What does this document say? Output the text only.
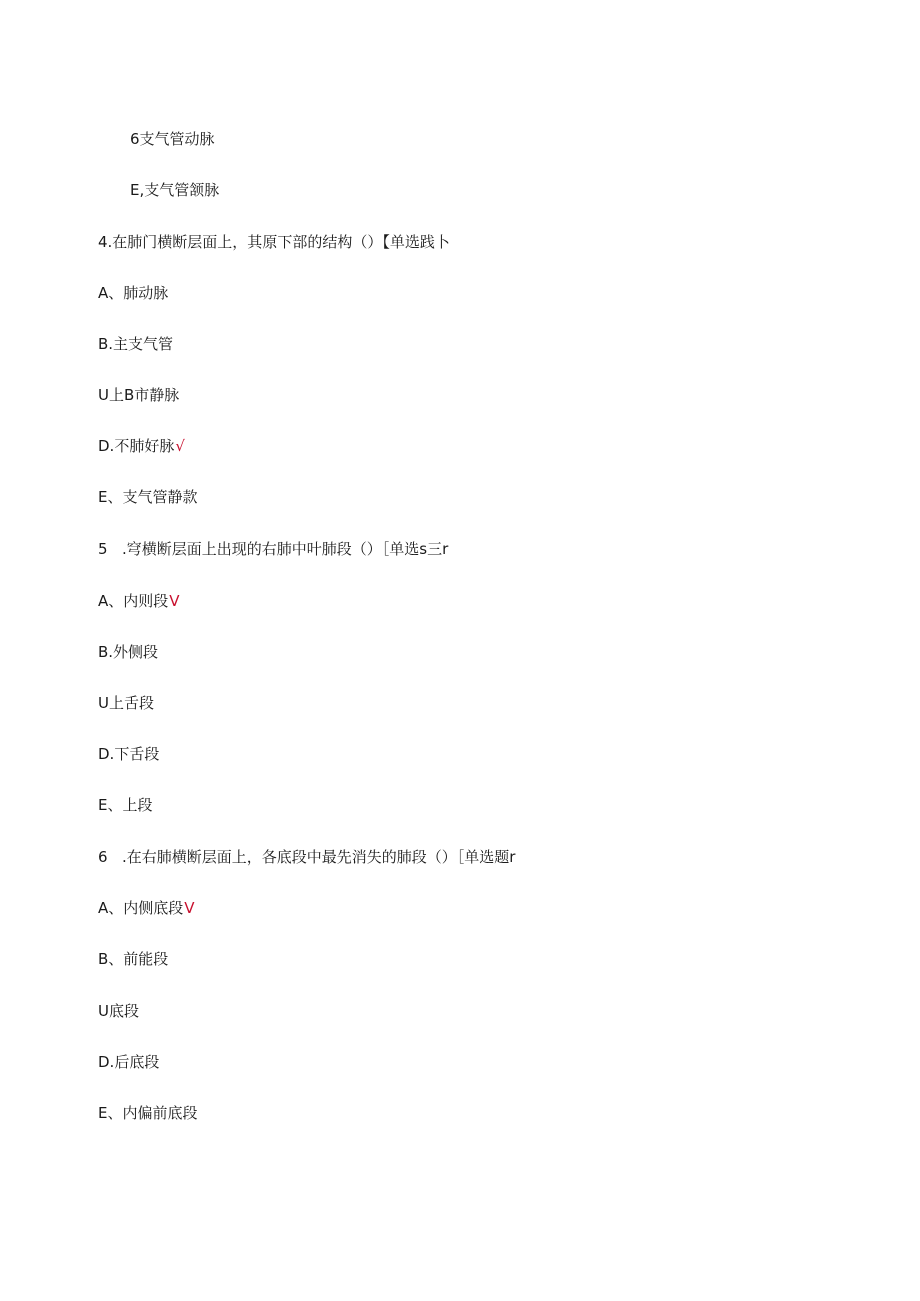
6支气管动脉
E,支气管颔脉
4.在肺门横断层面上，其原下部的结构（）【单选践卜
A、肺动脉
B.主支气管
U上B市静脉
D.不肺好脉√
E、支气管静款
5 .穹横断层面上出现的右肺中叶肺段（）［单选s三r
A、内则段V
B.外侧段
U上舌段
D.下舌段
E、上段
6 .在右肺横断层面上，各底段中最先消失的肺段（）［单选题r
A、内侧底段V
B、前能段
U底段
D.后底段
E、内偏前底段
